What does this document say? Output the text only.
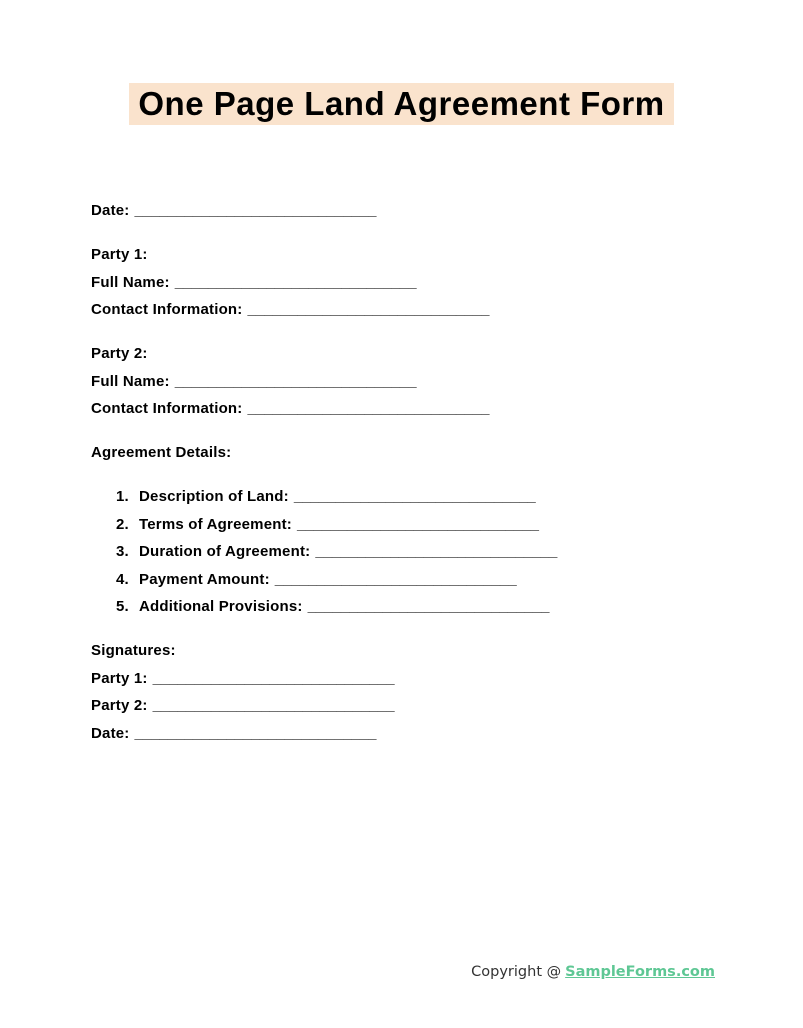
One Page Land Agreement Form

Date: _____________________________

Party 1:

Full Name: _____________________________

Contact Information: _____________________________

Party 2:

Full Name: _____________________________

Contact Information: _____________________________

Agreement Details:

1. Description of Land: _____________________________
2. Terms of Agreement: _____________________________
3. Duration of Agreement: _____________________________
4. Payment Amount: _____________________________
5. Additional Provisions: _____________________________

Signatures:

Party 1: _____________________________

Party 2: _____________________________

Date: _____________________________

Copyright @ SampleForms.com
